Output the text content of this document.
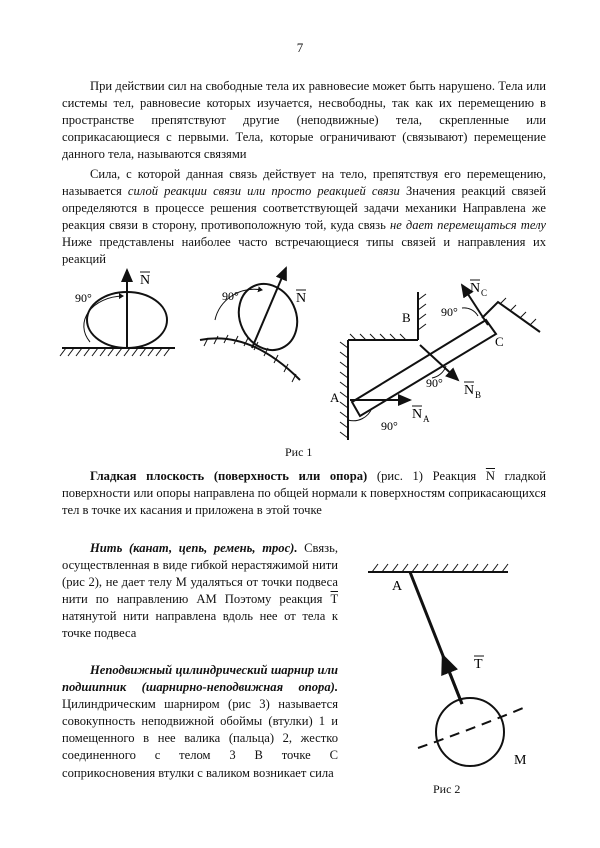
7

При действии сил на свободные тела их равновесие может быть нарушено. Тела или системы тел, равновесие которых изучается, несвободны, так как их перемещению в пространстве препятствуют другие (неподвижные) тела, скрепленные или соприкасающиеся с первыми. Тела, которые ограничивают (связывают) перемещение данного тела, называются связями

Сила, с которой данная связь действует на тело, препятствуя его перемещению, называется силой реакции связи или просто реакцией связи Значения реакций связей определяются в процессе решения соответствующей задачи механики Направлена же реакция связи в сторону, противоположную той, куда связь не дает перемещаться телу Ниже представлены наиболее часто встречающиеся типы связей и направления их реакций

90°
N
90°	N
A
B
C
90°
90°
90°
N A
N B
N C
A
T
M
Рис 1

Гладкая плоскость (поверхность или опора) (рис. 1) Реакция $\overline{N}$ гладкой поверхности или опоры направлена по общей нормали к поверхностям соприкасающихся тел в точке их касания и приложена в этой точке

Нить (канат, цепь, ремень, трос). Связь, осуществленная в виде гибкой нерастяжимой нити (рис 2), не дает телу М удаляться от точки подвеса нити по направлению АМ Поэтому реакция $\overline{T}$ натянутой нити направлена вдоль нее от тела к точке подвеса

Неподвижный цилиндрический шарнир или подшипник (шарнирно-неподвижная опора). Цилиндрическим шарниром (рис 3) называется совокупность неподвижной обоймы (втулки) 1 и помещенного в нее валика (пальца) 2, жестко соединенного с телом 3 В точке С соприкосновения втулки с валиком возникает сила

Рис 2
